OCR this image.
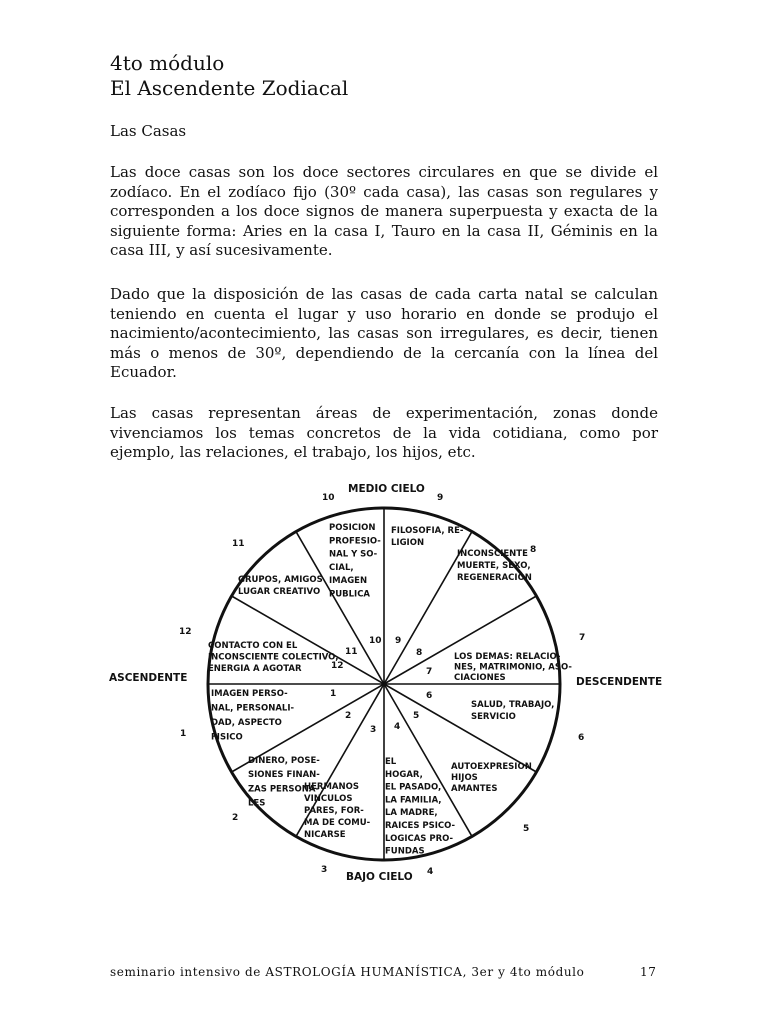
4to módulo
El Ascendente Zodiacal
Las Casas

Las doce casas son los doce sectores circulares en que se divide el zodíaco. En el zodíaco fijo (30º cada casa), las casas son regulares y corresponden a los doce signos de manera superpuesta y exacta de la siguiente forma: Aries en la casa I, Tauro en la casa II, Géminis en la casa III, y así sucesivamente.

Dado que la disposición de las casas de cada carta natal se calculan teniendo en cuenta el lugar y uso horario en donde se produjo el nacimiento/acontecimiento, las casas son irregulares, es decir, tienen más o menos de 30º, dependiendo de la cercanía con la línea del Ecuador.

Las casas representan áreas de experimentación, zonas donde vivenciamos los temas concretos de la vida cotidiana, como por ejemplo, las relaciones, el trabajo, los hijos, etc.

MEDIO CIELO
BAJO CIELO
ASCENDENTE	DESCENDENTE
1
1
IMAGEN PERSO-
NAL, PERSONALI-
DAD, ASPECTO
FISICO
2
2
DINERO, POSE-
SIONES FINAN-
ZAS PERSONA-
LES
3
3
HERMANOS
VINCULOS
PARES, FOR-
MA DE COMU-
NICARSE
4
4
EL
HOGAR,
EL PASADO,
LA FAMILIA,
LA MADRE,
RAICES PSICO-
LOGICAS PRO-
FUNDAS
5
5
AUTOEXPRESION
HIJOS
AMANTES
6
6
SALUD, TRABAJO,
SERVICIO
7
7
LOS DEMAS: RELACIO-
NES, MATRIMONIO, ASO-
CIACIONES
8
8
INCONSCIENTE
MUERTE, SEXO,
REGENERACION
9
9
FILOSOFIA, RE-
LIGION
10
10
POSICION
PROFESIO-
NAL Y SO-
CIAL,
IMAGEN
PUBLICA
11
11
GRUPOS, AMIGOS
LUGAR CREATIVO
12
12
CONTACTO CON EL
INCONSCIENTE COLECTIVO,
ENERGIA A AGOTAR
seminario intensivo de ASTROLOGÍA HUMANÍSTICA, 3er y 4to módulo	17
